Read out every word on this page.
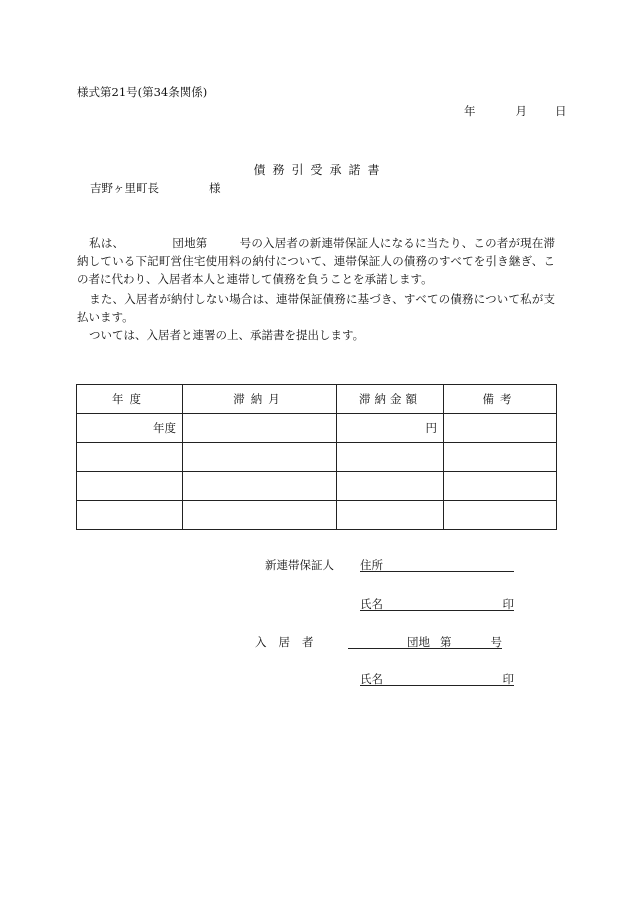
様式第21号(第34条関係)
年	月 日
債務引受承諾書
吉野ヶ里町長	様
私は、	団地第	号の入居者の新連帯保証人になるに当たり、この者が現在滞納している下記町営住宅使用料の納付について、連帯保証人の債務のすべてを引き継ぎ、この者に代わり、入居者本人と連帯して債務を負うことを承諾します。
また、入居者が納付しない場合は、連帯保証債務に基づき、すべての債務について私が支払います。
ついては、入居者と連署の上、承諾書を提出します。
年度	滞納月	滞納金額	備考
年度		円	

新連帯保証人 住所
氏名	印
入居者	団地 第	号
氏名	印
